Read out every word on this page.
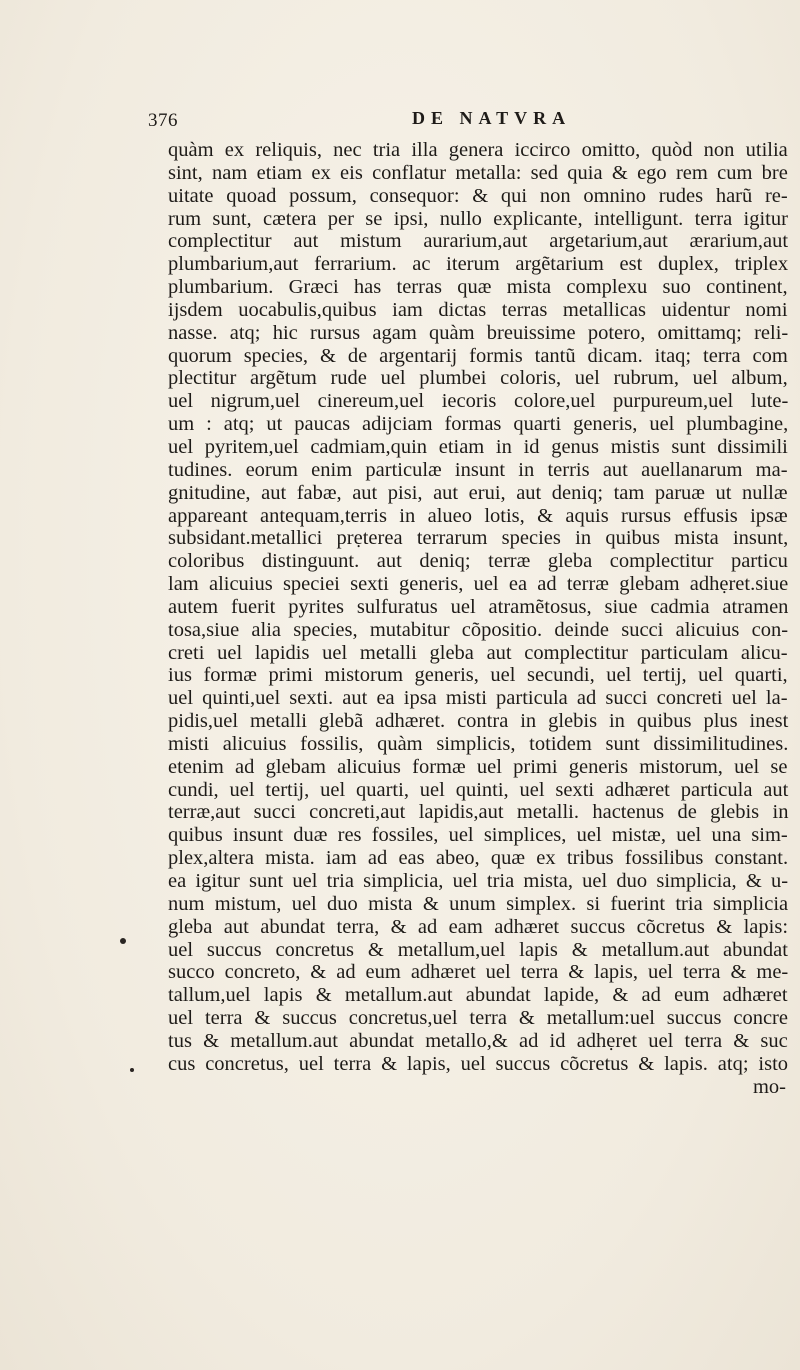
376	DE NATVRA
quàm ex reliquis, nec tria illa genera iccirco omitto, quòd non utilia
sint, nam etiam ex eis conflatur metalla: sed quia & ego rem cum bre
uitate quoad possum, consequor: & qui non omnino rudes harũ re-
rum sunt, cætera per se ipsi, nullo explicante, intelligunt. terra igitur
complectitur aut mistum aurarium,aut argetarium,aut ærarium,aut
plumbarium,aut ferrarium. ac iterum argẽtarium est duplex, triplex
plumbarium. Græci has terras quæ mista complexu suo continent,
ijsdem uocabulis,quibus iam dictas terras metallicas uidentur nomi
nasse. atq; hic rursus agam quàm breuissime potero, omittamq; reli-
quorum species, & de argentarij formis tantũ dicam. itaq; terra com
plectitur argẽtum rude uel plumbei coloris, uel rubrum, uel album,
uel nigrum,uel cinereum,uel iecoris colore,uel purpureum,uel lute-
um : atq; ut paucas adijciam formas quarti generis, uel plumbagine,
uel pyritem,uel cadmiam,quin etiam in id genus mistis sunt dissimili
tudines. eorum enim particulæ insunt in terris aut auellanarum ma-
gnitudine, aut fabæ, aut pisi, aut erui, aut deniq; tam paruæ ut nullæ
appareant antequam,terris in alueo lotis, & aquis rursus effusis ipsæ
subsidant.metallici prẹterea terrarum species in quibus mista insunt,
coloribus distinguunt. aut deniq; terræ gleba complectitur particu
lam alicuius speciei sexti generis, uel ea ad terræ glebam adhẹret.siue
autem fuerit pyrites sulfuratus uel atramẽtosus, siue cadmia atramen
tosa,siue alia species, mutabitur cõpositio. deinde succi alicuius con-
creti uel lapidis uel metalli gleba aut complectitur particulam alicu-
ius formæ primi mistorum generis, uel secundi, uel tertij, uel quarti,
uel quinti,uel sexti. aut ea ipsa misti particula ad succi concreti uel la-
pidis,uel metalli glebã adhæret. contra in glebis in quibus plus inest
misti alicuius fossilis, quàm simplicis, totidem sunt dissimilitudines.
etenim ad glebam alicuius formæ uel primi generis mistorum, uel se
cundi, uel tertij, uel quarti, uel quinti, uel sexti adhæret particula aut
terræ,aut succi concreti,aut lapidis,aut metalli. hactenus de glebis in
quibus insunt duæ res fossiles, uel simplices, uel mistæ, uel una sim-
plex,altera mista. iam ad eas abeo, quæ ex tribus fossilibus constant.
ea igitur sunt uel tria simplicia, uel tria mista, uel duo simplicia, & u-
num mistum, uel duo mista & unum simplex. si fuerint tria simplicia
gleba aut abundat terra, & ad eam adhæret succus cõcretus & lapis:
uel succus concretus & metallum,uel lapis & metallum.aut abundat
succo concreto, & ad eum adhæret uel terra & lapis, uel terra & me-
tallum,uel lapis & metallum.aut abundat lapide, & ad eum adhæret
uel terra & succus concretus,uel terra & metallum:uel succus concre
tus & metallum.aut abundat metallo,& ad id adhẹret uel terra & suc
cus concretus, uel terra & lapis, uel succus cõcretus & lapis. atq; isto
mo-
